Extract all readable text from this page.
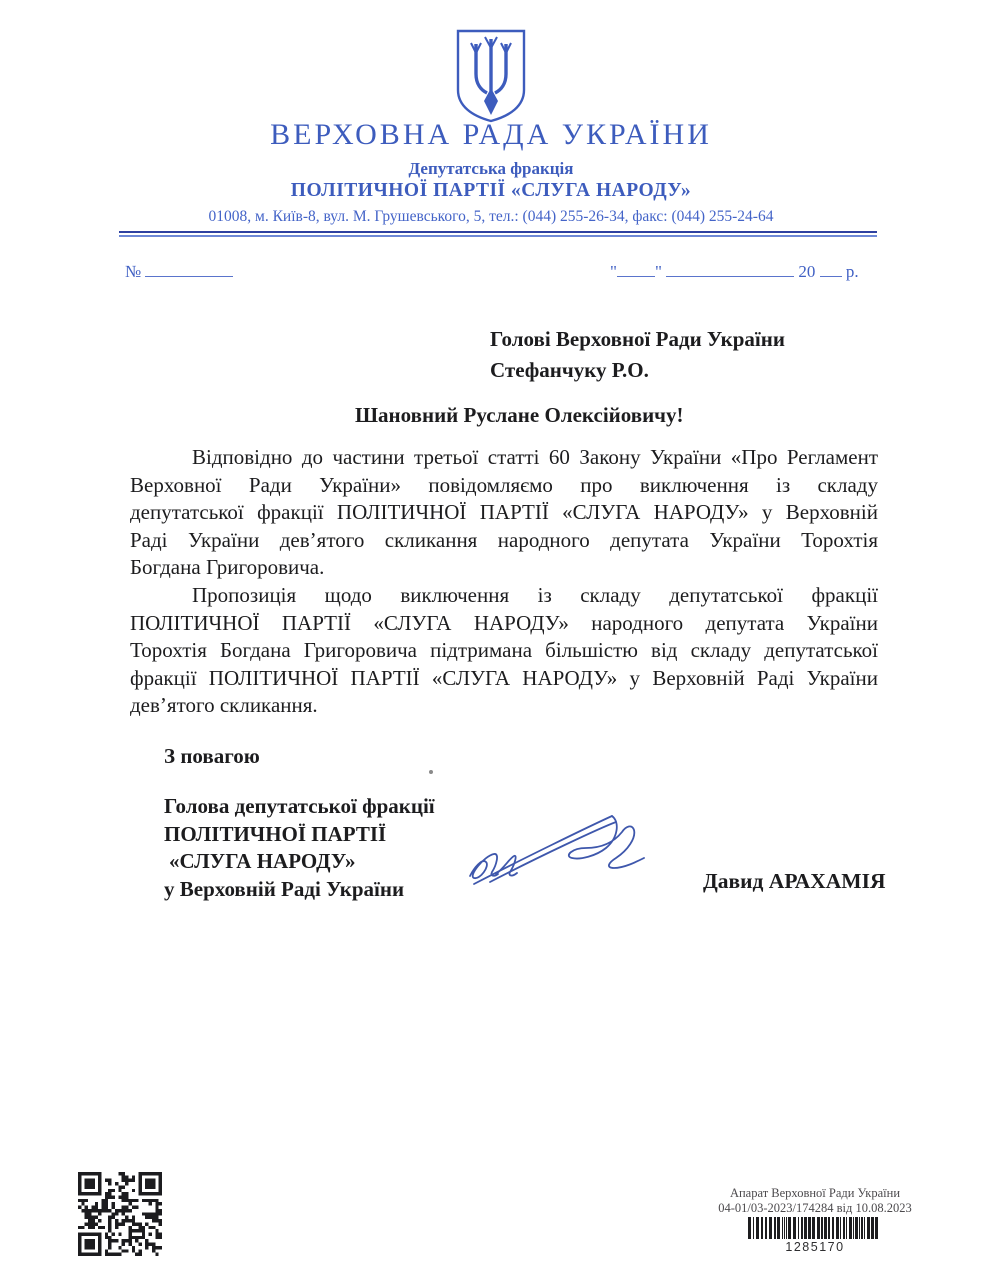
ВЕРХОВНА РАДА УКРАЇНИ
Депутатська фракція
ПОЛІТИЧНОЇ ПАРТІЇ «СЛУГА НАРОДУ»
01008, м. Київ-8, вул. М. Грушевського, 5, тел.: (044) 255-26-34, факс: (044) 255-24-64
№	" "	20 р.
Голові Верховної Ради України
Стефанчуку Р.О.
Шановний Руслане Олексійовичу!
Відповідно до частини третьої статті 60 Закону України «Про Регламент
Верховної Ради України» повідомляємо про виключення із складу
депутатської фракції ПОЛІТИЧНОЇ ПАРТІЇ «СЛУГА НАРОДУ» у Верховній
Раді України дев’ятого скликання народного депутата України Торохтія
Богдана Григоровича.
Пропозиція щодо виключення із складу депутатської фракції
ПОЛІТИЧНОЇ ПАРТІЇ «СЛУГА НАРОДУ» народного депутата України
Торохтія Богдана Григоровича підтримана більшістю від складу депутатської
фракції ПОЛІТИЧНОЇ ПАРТІЇ «СЛУГА НАРОДУ» у Верховній Раді України
дев’ятого скликання.
З повагою
Голова депутатської фракції
ПОЛІТИЧНОЇ ПАРТІЇ
«СЛУГА НАРОДУ»
у Верховній Раді України	Давид АРАХАМІЯ
Апарат Верховної Ради України
04-01/03-2023/174284 від 10.08.2023
1285170
